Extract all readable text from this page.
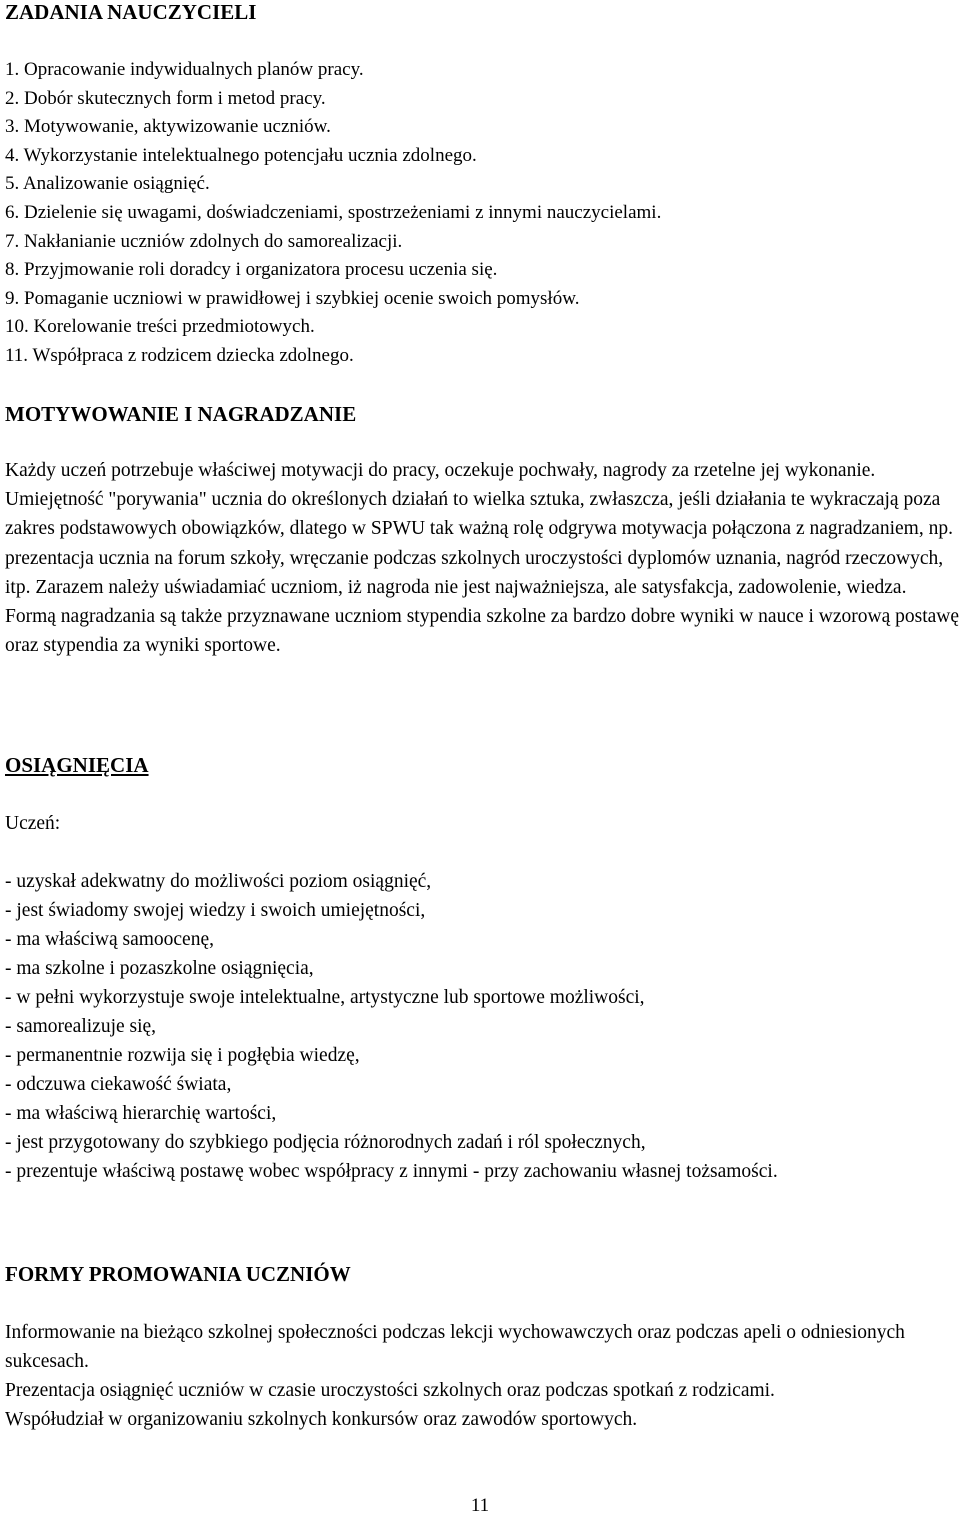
ZADANIA NAUCZYCIELI
1. Opracowanie indywidualnych planów pracy.
2. Dobór skutecznych form i metod pracy.
3. Motywowanie, aktywizowanie uczniów.
4. Wykorzystanie intelektualnego potencjału ucznia zdolnego.
5. Analizowanie osiągnięć.
6. Dzielenie się uwagami, doświadczeniami, spostrzeżeniami z innymi nauczycielami.
7. Nakłanianie uczniów zdolnych do samorealizacji.
8. Przyjmowanie roli doradcy i organizatora procesu uczenia się.
9. Pomaganie uczniowi w prawidłowej i szybkiej ocenie swoich pomysłów.
10. Korelowanie treści przedmiotowych.
11. Współpraca z rodzicem dziecka zdolnego.
MOTYWOWANIE I NAGRADZANIE

Każdy uczeń potrzebuje właściwej motywacji do pracy, oczekuje pochwały, nagrody za rzetelne jej wykonanie. Umiejętność "porywania" ucznia do określonych działań to wielka sztuka, zwłaszcza, jeśli działania te wykraczają poza zakres podstawowych obowiązków, dlatego w SPWU tak ważną rolę odgrywa motywacja połączona z nagradzaniem, np. prezentacja ucznia na forum szkoły, wręczanie podczas szkolnych uroczystości dyplomów uznania, nagród rzeczowych, itp. Zarazem należy uświadamiać uczniom, iż nagroda nie jest najważniejsza, ale satysfakcja, zadowolenie, wiedza.

Formą nagradzania są także przyznawane uczniom stypendia szkolne za bardzo dobre wyniki w nauce i wzorową postawę oraz stypendia za wyniki sportowe.

OSIĄGNIĘCIA

Uczeń:

- uzyskał adekwatny do możliwości poziom osiągnięć,
- jest świadomy swojej wiedzy i swoich umiejętności,
- ma właściwą samoocenę,
- ma szkolne i pozaszkolne osiągnięcia,
- w pełni wykorzystuje swoje intelektualne, artystyczne lub sportowe możliwości,
- samorealizuje się,
- permanentnie rozwija się i pogłębia wiedzę,
- odczuwa ciekawość świata,
- ma właściwą hierarchię wartości,
- jest przygotowany do szybkiego podjęcia różnorodnych zadań i ról społecznych,
- prezentuje właściwą postawę wobec współpracy z innymi - przy zachowaniu własnej tożsamości.
FORMY PROMOWANIA UCZNIÓW

Informowanie na bieżąco szkolnej społeczności podczas lekcji wychowawczych oraz podczas apeli o odniesionych sukcesach.

Prezentacja osiągnięć uczniów w czasie uroczystości szkolnych oraz podczas spotkań z rodzicami.

Współudział w organizowaniu szkolnych konkursów oraz zawodów sportowych.

11
